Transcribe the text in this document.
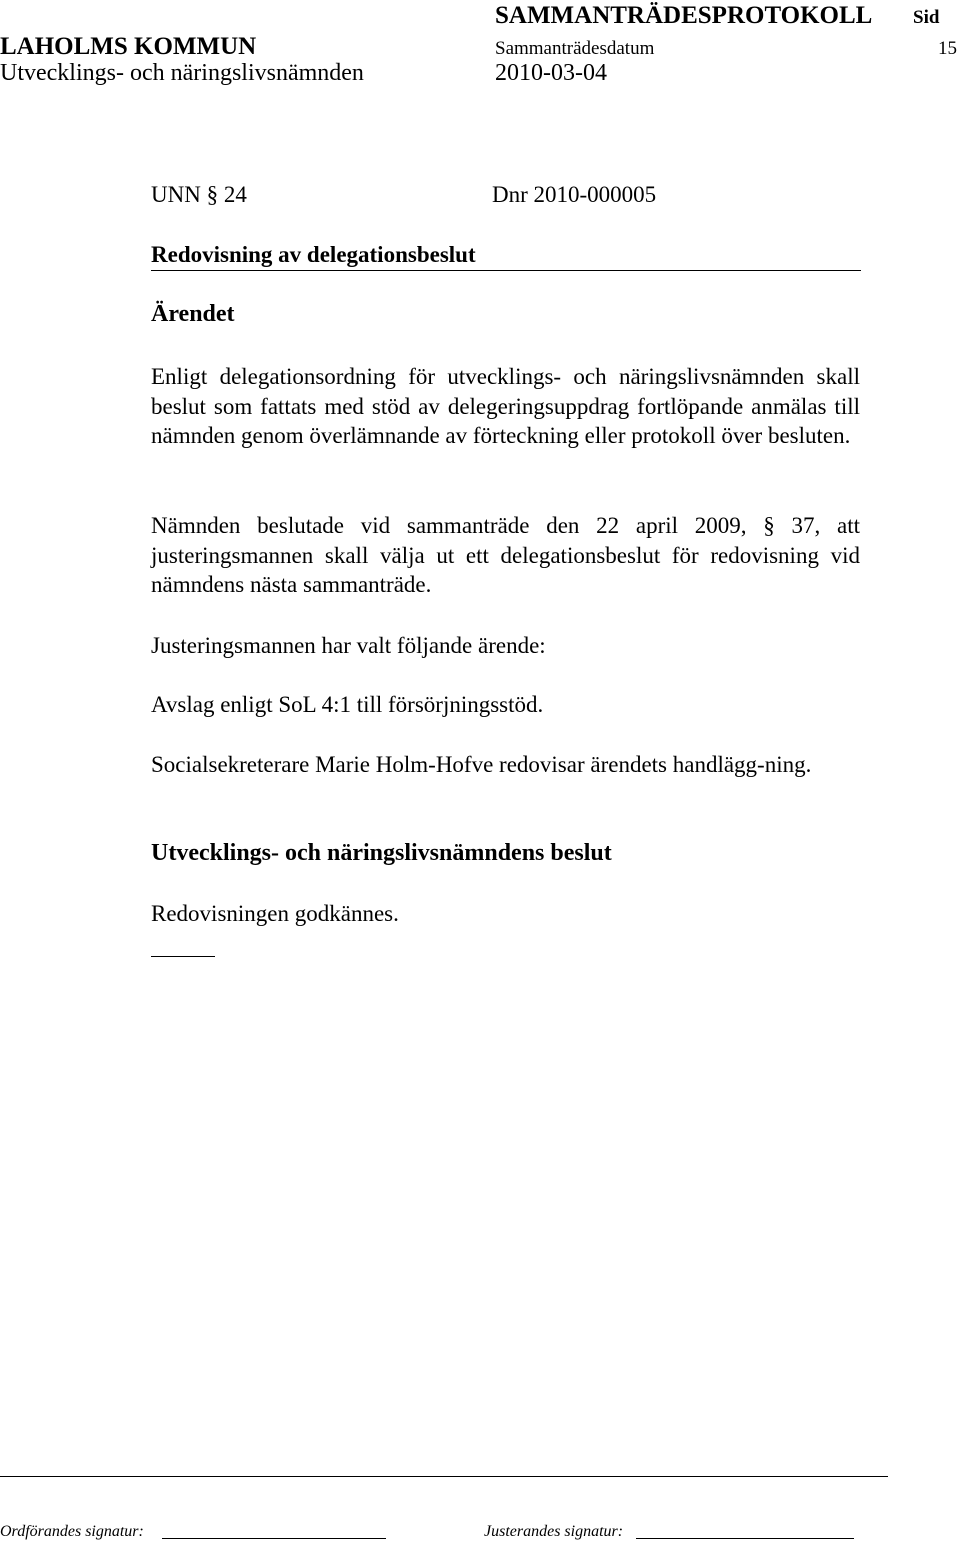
SAMMANTRÄDESPROTOKOLL Sid
LAHOLMS KOMMUN	Sammanträdesdatum	15
Utvecklings- och näringslivsnämnden	2010-03-04
UNN § 24	Dnr 2010-000005
Redovisning av delegationsbeslut
Ärendet
Enligt delegationsordning för utvecklings- och näringslivsnämnden skall beslut som fattats med stöd av delegeringsuppdrag fortlöpande anmälas till nämnden genom överlämnande av förteckning eller protokoll över besluten.
Nämnden beslutade vid sammanträde den 22 april 2009, § 37, att justeringsmannen skall välja ut ett delegationsbeslut för redovisning vid nämndens nästa sammanträde.
Justeringsmannen har valt följande ärende:
Avslag enligt SoL 4:1 till försörjningsstöd.
Socialsekreterare Marie Holm-Hofve redovisar ärendets handlägg-ning.
Utvecklings- och näringslivsnämndens beslut
Redovisningen godkännes.
Ordförandes signatur:	Justerandes signatur:
